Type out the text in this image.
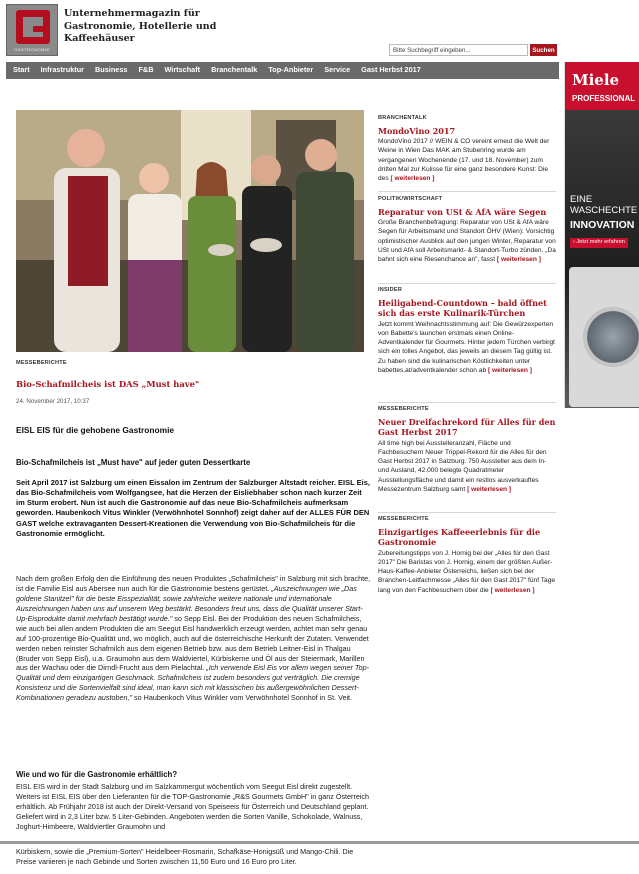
GASTRONOMIE
Unternehmermagazin für
Gastronomie, Hotellerie und
Kaffeehäuser
Bitte Suchbegriff eingeben...
Suchen
Start Infrastruktur Business F&B Wirtschaft Branchentalk Top-Anbieter Service Gast Herbst 2017
MESSEBERICHTE
Bio-Schafmilcheis ist DAS „Must have"
24. November 2017, 10:37
EISL EIS für die gehobene Gastronomie
Bio-Schafmilcheis ist „Must have" auf jeder guten Dessertkarte
Seit April 2017 ist Salzburg um einen Eissalon im Zentrum der Salzburger Altstadt reicher. EISL Eis, das Bio-Schafmilcheis vom Wolfgangsee, hat die Herzen der Eisliebhaber schon nach kurzer Zeit im Sturm erobert. Nun ist auch die Gastronomie auf das neue Bio-Schafmilcheis aufmerksam geworden. Haubenkoch Vitus Winkler (Verwöhnhotel Sonnhof) zeigt daher auf der ALLES FÜR DEN GAST welche extravaganten Dessert-Kreationen die Verwendung von Bio-Schafmilcheis für die Gastronomie ermöglicht.
Nach dem großen Erfolg den die Einführung des neuen Produktes „Schafmilcheis" in Salzburg mit sich brachte, ist die Familie Eisl aus Abersee nun auch für die Gastronomie bestens gerüstet. „Auszeichnungen wie „Das goldene Stanitzel" für die beste Eisspezialität, sowie zahlreiche weitere nationale und internationale Auszeichnungen haben uns auf unserem Weg bestärkt. Besonders freut uns, dass die Qualität unserer Start-Up-Eisprodukte damit mehrfach bestätigt wurde." so Sepp Eisl. Bei der Produktion des neuen Schafmilcheis, wie auch bei allen andern Produkten die am Seegut Eisl handwerklich erzeugt werden, achtet man sehr genau auf 100-prozentige Bio-Qualität und, wo möglich, auch auf die österreichische Herkunft der Zutaten. Verwendet werden neben reinster Schafmilch aus dem eigenen Betrieb bzw. aus dem Betrieb Leitner-Eisl in Thalgau (Bruder von Sepp Eisl), u.a. Graumohn aus dem Waldviertel, Kürbiskerne und Öl aus der Steiermark, Marillen aus der Wachau oder die Dirndl-Frucht aus dem Pielachtal. „Ich verwende Eisl Eis vor allem wegen seiner Top-Qualität und dem einzigartigen Geschmack. Schafmilcheis ist zudem besonders gut verträglich. Die cremige Konsistenz und die Sortenvielfalt sind ideal, man kann sich mit klassischen bis außergewöhnlichen Dessert-Kombinationen geradezu austoben," so Haubenkoch Vitus Winkler vom Verwöhnhotel Sonnhof in St. Veit.
Wie und wo für die Gastronomie erhältlich?
EISL EIS wird in der Stadt Salzburg und im Salzkammergut wöchentlich vom Seegut Eisl direkt zugestellt. Weiters ist EISL EIS über den Lieferanten für die TOP-Gastronomie „R&S Gourmets GmbH" in ganz Österreich erhältlich. Ab Frühjahr 2018 ist auch der Direkt-Versand von Speiseeis für Österreich und Deutschland geplant. Geliefert wird in 2,3 Liter bzw. 5 Liter-Gebinden. Angeboten werden die Sorten Vanille, Schokolade, Walnuss, Joghurt-Himbeere, Waldviertler Graumohn und
Kürbiskern, sowie die „Premium-Sorten" Heidelbeer-Rosmarin, Schafkäse-Honigsüß und Mango-Chili. Die Preise variieren je nach Gebinde und Sorten zwischen 11,50 Euro und 16 Euro pro Liter.
BRANCHENTALK
MondoVino 2017
MondoVino 2017 // WEIN & CO vereint erneut die Welt der Weine in Wien Das MAK am Stubenring wurde am vergangenen Wochenende (17. und 18. November) zum dritten Mal zur Kulisse für eine ganz besondere Kunst: Die des [ weiterlesen ]
POLITIK/WIRTSCHAFT
Reparatur von USt & AfA wäre Segen
Große Branchenbefragung: Reparatur von USt & AfA wäre Segen für Arbeitsmarkt und Standort ÖHV (Wien): Vorsichtig optimistischer Ausblick auf den jungen Winter, Reparatur von USt und AfA soll Arbeitsmarkt- & Standort-Turbo zünden. „Da bahnt sich eine Riesenchance an", fasst [ weiterlesen ]
INSIDER
Heiligabend-Countdown – bald öffnet sich das erste Kulinarik-Türchen
Jetzt kommt Weihnachtsstimmung auf: Die Gewürzexperten von Babette's launchen erstmals einen Online-Adventkalender für Gourmets. Hinter jedem Türchen verbirgt sich ein tolles Angebot, das jeweils an diesem Tag gültig ist. Zu haben sind die kulinarischen Köstlichkeiten unter babettes.at/adventkalender schon ab [ weiterlesen ]
MESSEBERICHTE
Neuer Dreifachrekord für Alles für den Gast Herbst 2017
All time high bei Ausstelleranzahl, Fläche und Fachbesuchern Neuer Trippel-Rekord für die Alles für den Gast Herbst 2017 in Salzburg. 750 Aussteller aus dem In- und Ausland, 42.000 belegte Quadratmeter Ausstellungsfläche und damit ein restlos ausverkauftes Messezentrum Salzburg samt [ weiterlesen ]
MESSEBERICHTE
Einzigartiges Kaffeeerlebnis für die Gastronomie
Zubereitungstipps von J. Hornig bei der „Alles für den Gast 2017" Die Baristas von J. Hornig, einem der größten Außer-Haus-Kaffee-Anbieter Österreichs, ließen sich bei der Branchen-Leitfachmesse „Alles für den Gast 2017" fünf Tage lang von den Fachbesuchern über die [ weiterlesen ]
Miele
PROFESSIONAL
EINE
WASCHECHTE
INNOVATION
› Jetzt mehr erfahren
